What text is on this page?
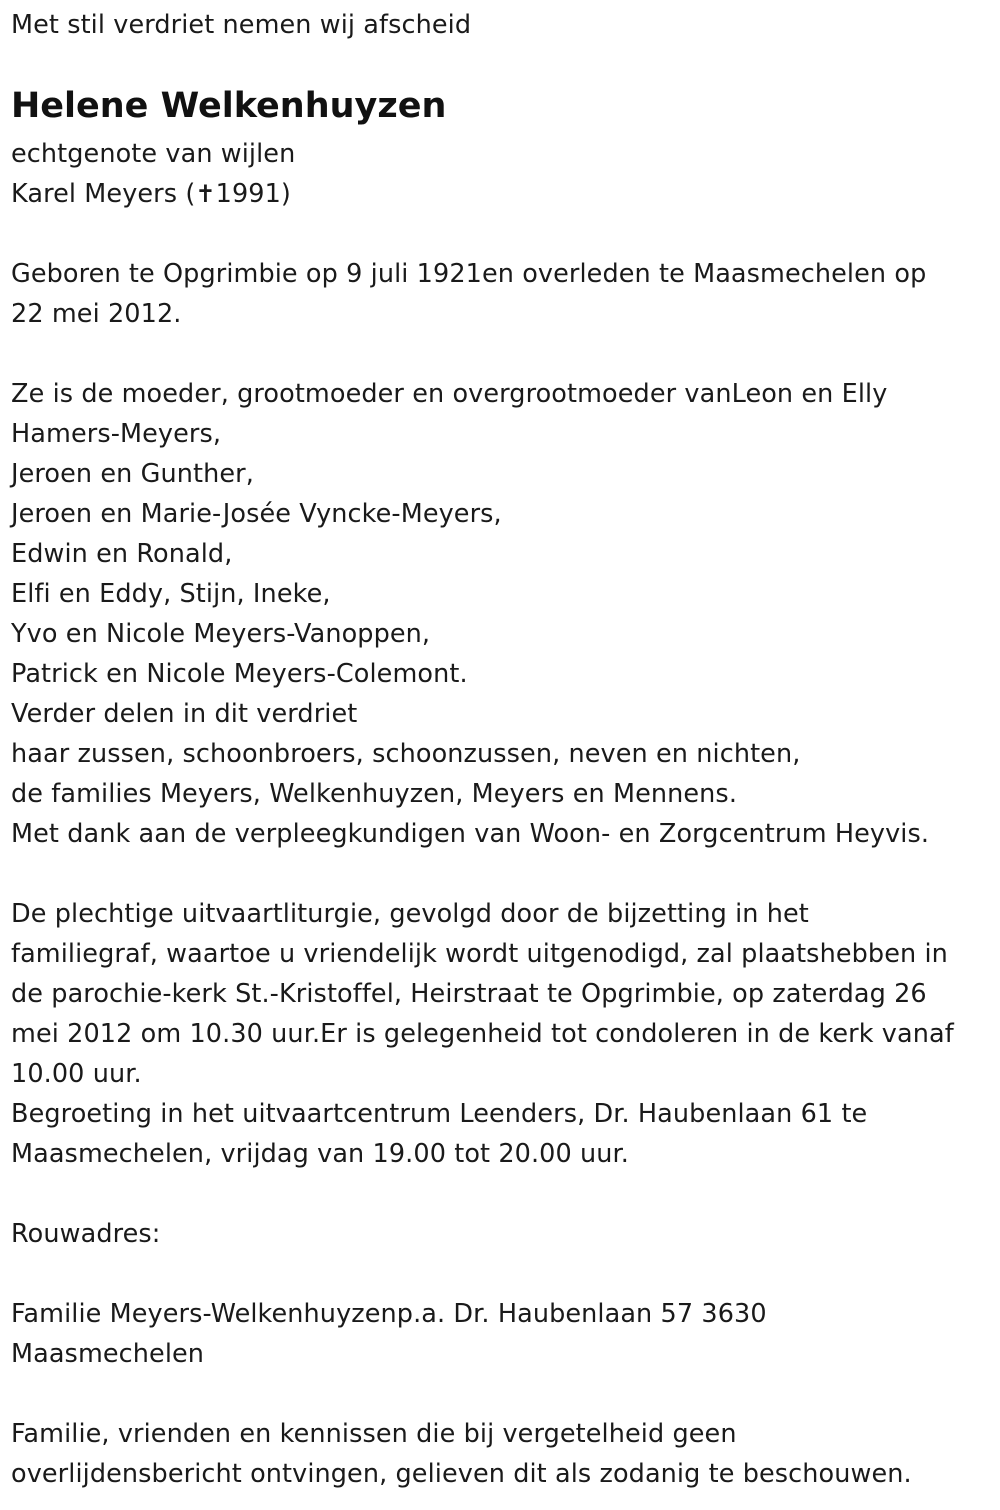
Met stil verdriet nemen wij afscheid
Helene Welkenhuyzen
echtgenote van wijlen
Karel Meyers (✝1991)
Geboren te Opgrimbie op 9 juli 1921en overleden te Maasmechelen op
22 mei 2012.
Ze is de moeder, grootmoeder en overgrootmoeder vanLeon en Elly
Hamers-Meyers,
Jeroen en Gunther,
Jeroen en Marie-Josée Vyncke-Meyers,
Edwin en Ronald,
Elfi en Eddy, Stijn, Ineke,
Yvo en Nicole Meyers-Vanoppen,
Patrick en Nicole Meyers-Colemont.
Verder delen in dit verdriet
haar zussen, schoonbroers, schoonzussen, neven en nichten,
de families Meyers, Welkenhuyzen, Meyers en Mennens.
Met dank aan de verpleegkundigen van Woon- en Zorgcentrum Heyvis.
De plechtige uitvaartliturgie, gevolgd door de bijzetting in het
familiegraf, waartoe u vriendelijk wordt uitgenodigd, zal plaatshebben in
de parochie-kerk St.-Kristoffel, Heirstraat te Opgrimbie, op zaterdag 26
mei 2012 om 10.30 uur.Er is gelegenheid tot condoleren in de kerk vanaf
10.00 uur.
Begroeting in het uitvaartcentrum Leenders, Dr. Haubenlaan 61 te
Maasmechelen, vrijdag van 19.00 tot 20.00 uur.
Rouwadres:
Familie Meyers-Welkenhuyzenp.a. Dr. Haubenlaan 57 3630
Maasmechelen
Familie, vrienden en kennissen die bij vergetelheid geen
overlijdensbericht ontvingen, gelieven dit als zodanig te beschouwen.
